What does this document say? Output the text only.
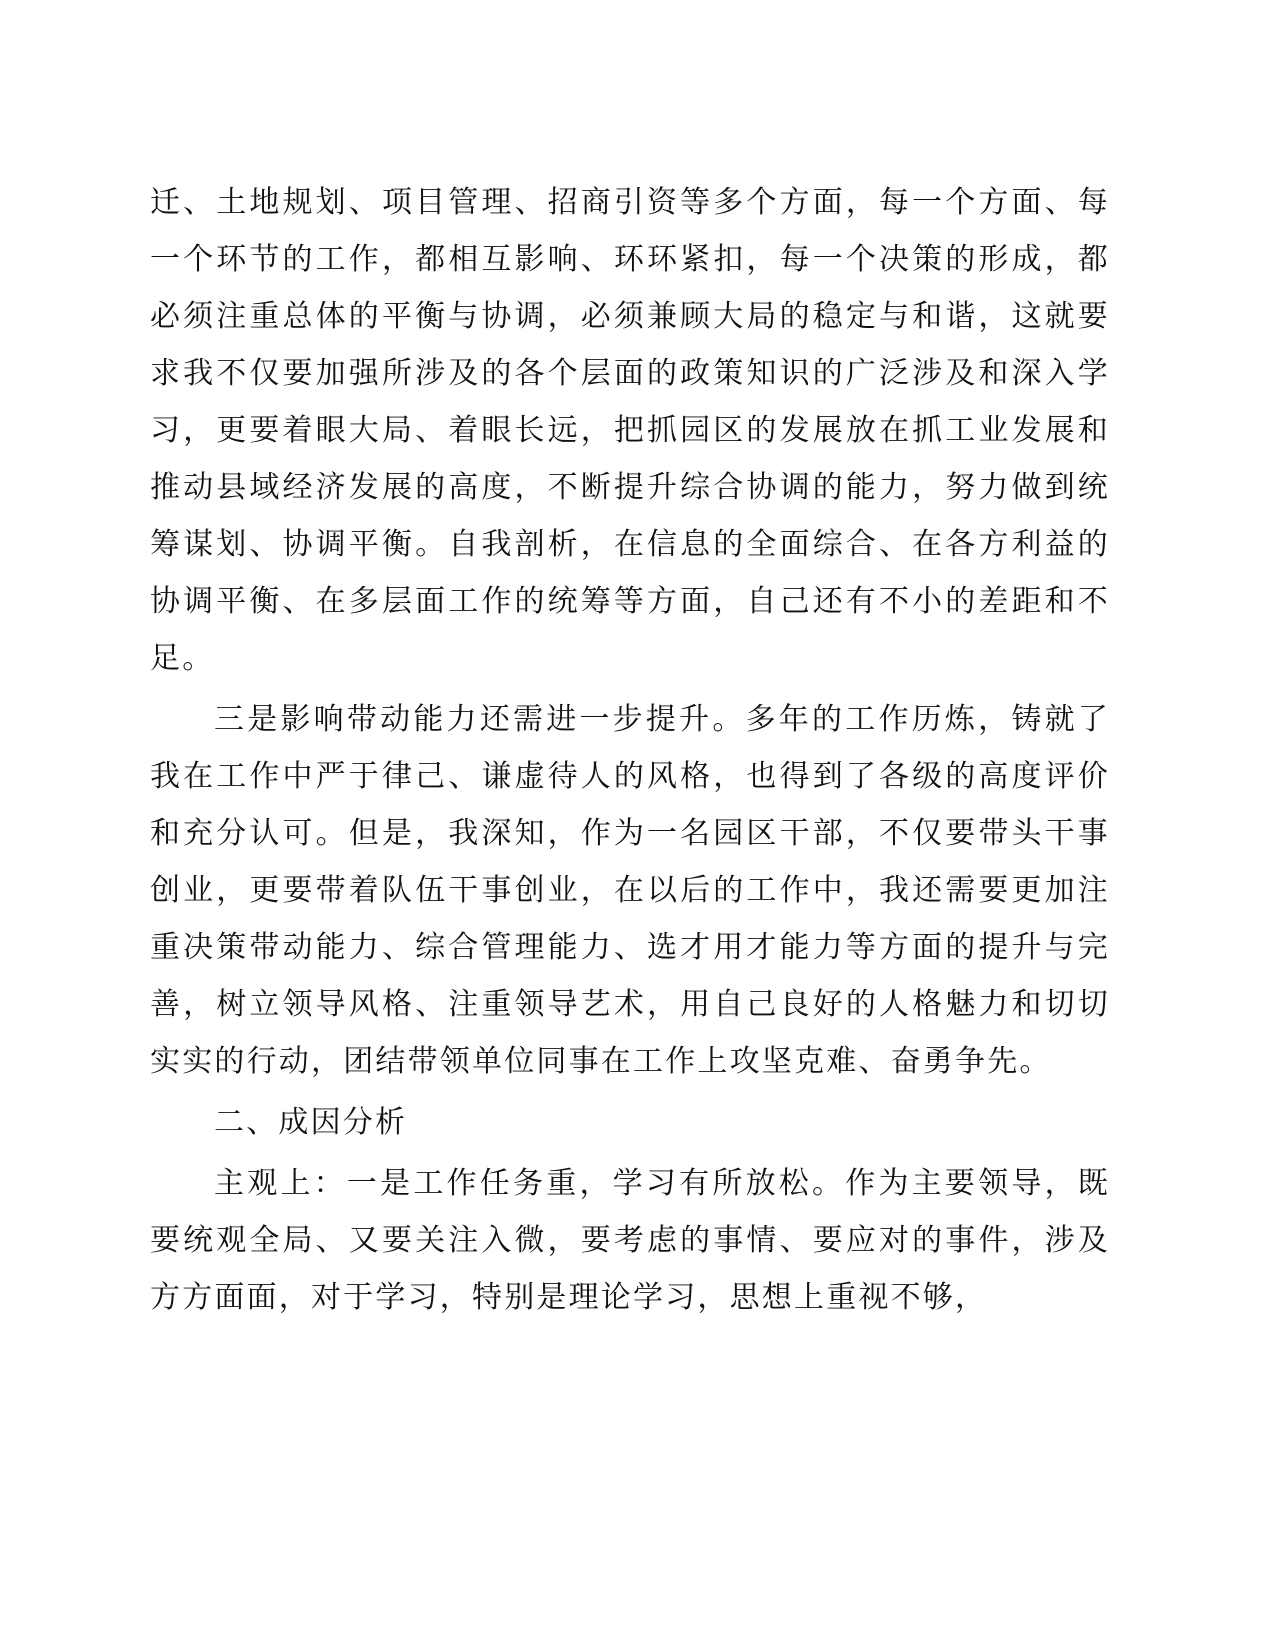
迁、土地规划、项目管理、招商引资等多个方面，每一个方面、每一个环节的工作，都相互影响、环环紧扣，每一个决策的形成，都必须注重总体的平衡与协调，必须兼顾大局的稳定与和谐，这就要求我不仅要加强所涉及的各个层面的政策知识的广泛涉及和深入学习，更要着眼大局、着眼长远，把抓园区的发展放在抓工业发展和推动县域经济发展的高度，不断提升综合协调的能力，努力做到统筹谋划、协调平衡。自我剖析，在信息的全面综合、在各方利益的协调平衡、在多层面工作的统筹等方面，自己还有不小的差距和不足。

三是影响带动能力还需进一步提升。多年的工作历炼，铸就了我在工作中严于律己、谦虚待人的风格，也得到了各级的高度评价和充分认可。但是，我深知，作为一名园区干部，不仅要带头干事创业，更要带着队伍干事创业，在以后的工作中，我还需要更加注重决策带动能力、综合管理能力、选才用才能力等方面的提升与完善，树立领导风格、注重领导艺术，用自己良好的人格魅力和切切实实的行动，团结带领单位同事在工作上攻坚克难、奋勇争先。

二、成因分析

主观上：一是工作任务重，学习有所放松。作为主要领导，既要统观全局、又要关注入微，要考虑的事情、要应对的事件，涉及方方面面，对于学习，特别是理论学习，思想上重视不够，
